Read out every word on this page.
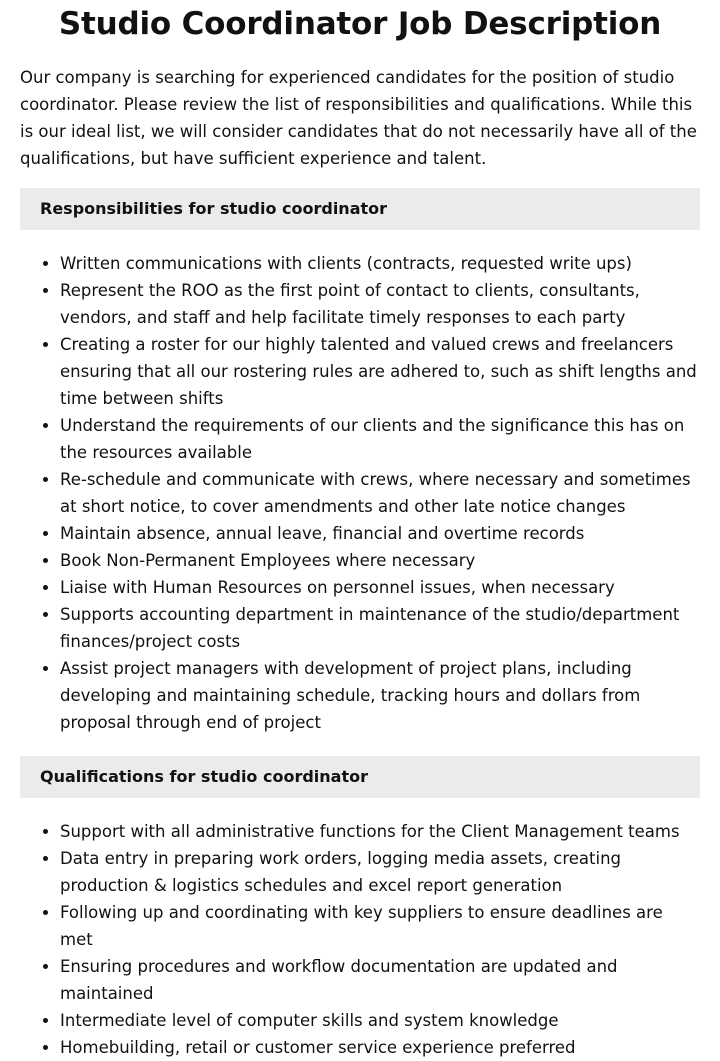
Studio Coordinator Job Description

Our company is searching for experienced candidates for the position of studio coordinator. Please review the list of responsibilities and qualifications. While this is our ideal list, we will consider candidates that do not necessarily have all of the qualifications, but have sufficient experience and talent.

Responsibilities for studio coordinator
• Written communications with clients (contracts, requested write ups)
• Represent the ROO as the first point of contact to clients, consultants, vendors, and staff and help facilitate timely responses to each party
• Creating a roster for our highly talented and valued crews and freelancers ensuring that all our rostering rules are adhered to, such as shift lengths and time between shifts
• Understand the requirements of our clients and the significance this has on the resources available
• Re-schedule and communicate with crews, where necessary and sometimes at short notice, to cover amendments and other late notice changes
• Maintain absence, annual leave, financial and overtime records
• Book Non-Permanent Employees where necessary
• Liaise with Human Resources on personnel issues, when necessary
• Supports accounting department in maintenance of the studio/department finances/project costs
• Assist project managers with development of project plans, including developing and maintaining schedule, tracking hours and dollars from proposal through end of project
Qualifications for studio coordinator
• Support with all administrative functions for the Client Management teams
• Data entry in preparing work orders, logging media assets, creating production & logistics schedules and excel report generation
• Following up and coordinating with key suppliers to ensure deadlines are met
• Ensuring procedures and workflow documentation are updated and maintained
• Intermediate level of computer skills and system knowledge
• Homebuilding, retail or customer service experience preferred
